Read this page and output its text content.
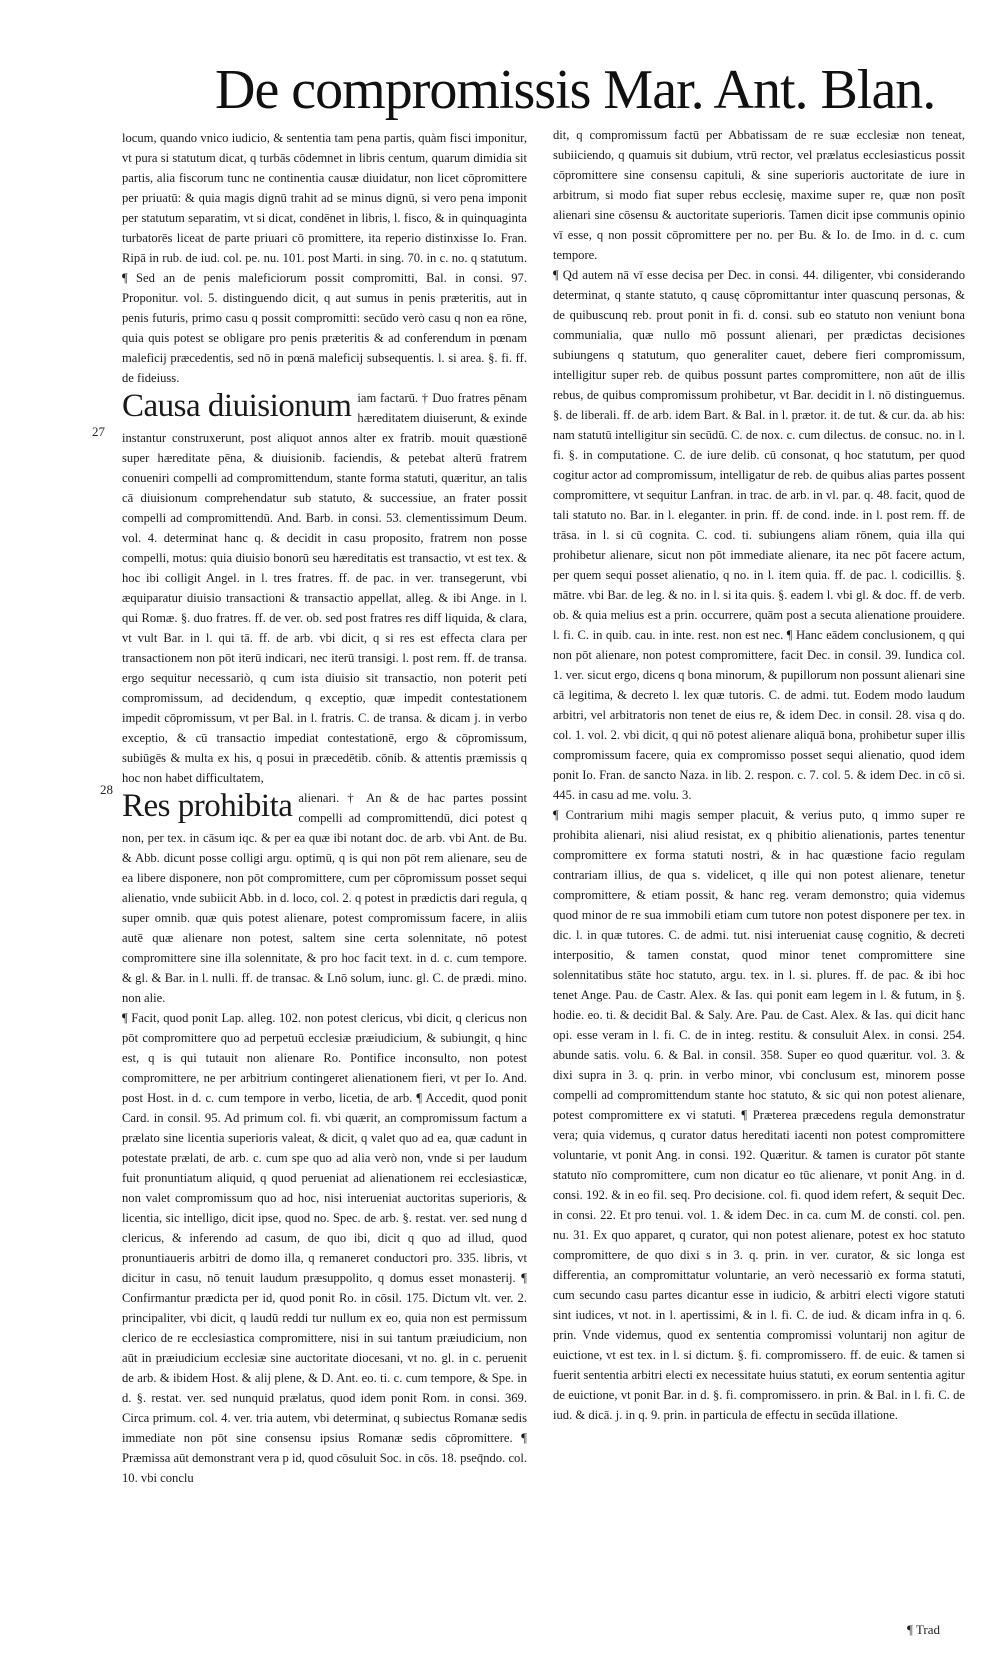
De compromissis Mar. Ant. Blan.

locum, quando vnico iudicio, & sententia tam pena partis, quàm fisci imponitur, vt pura si statutum dicat, q turbās cōdemnet in libris centum, quarum dimidia sit partis, alia fiscorum tunc ne continentia causæ diuidatur, non licet cōpromittere per priuatū: & quia magis dignū trahit ad se minus dignū, si vero pena imponit per statutum separatim, vt si dicat, condēnet in libris, l. fisco, & in quinquaginta turbatorēs liceat de parte priuari cō promittere, ita reperio distinxisse Io. Fran. Ripā in rub. de iud. col. pe. nu. 101. post Marti. in sing. 70. in c. no. q statutum. ¶ Sed an de penis maleficiorum possit compromitti, Bal. in consi. 97. Proponitur. vol. 5. distinguendo dicit, q aut sumus in penis præteritis, aut in penis futuris, primo casu q possit compromitti: secūdo verò casu q non ea rōne, quia quis potest se obligare pro penis præteritis & ad conferendum in pœnam maleficij præcedentis, sed nō in pœnā maleficij subsequentis. l. si area. §. fi. ff. de fideiuss.

Causa diuisionum iam factarū. † Duo fratres pēnam hæreditatem diuiserunt, & exinde instantur construxerunt, post aliquot annos alter ex fratrib. mouit quæstionē super hæreditate pēna, & diuisionib. faciendis, & petebat alterū fratrem conueniri compelli ad compromittendum, stante forma statuti, quæritur, an talis cā diuisionum comprehendatur sub statuto, & successiue, an frater possit compelli ad compromittendū. And. Barb. in consi. 53. clementissimum Deum. vol. 4. determinat hanc q. & decidit in casu proposito, fratrem non posse compelli, motus: quia diuisio bonorū seu hæreditatis est transactio, vt est tex. & hoc ibi colligit Angel. in l. tres fratres. ff. de pac. in ver. transegerunt, vbi æquiparatur diuisio transactioni & transactio appellat, alleg. & ibi Ange. in l. qui Romæ. §. duo fratres. ff. de ver. ob. sed post fratres res diff liquida, & clara, vt vult Bar. in l. qui tā. ff. de arb. vbi dicit, q si res est effecta clara per transactionem non pōt iterū indicari, nec iterū transigi. l. post rem. ff. de transa. ergo sequitur necessariò, q cum ista diuisio sit transactio, non poterit peti compromissum, ad decidendum, q exceptio, quæ impedit contestationem impedit cōpromissum, vt per Bal. in l. fratris. C. de transa. & dicam j. in verbo exceptio, & cū transactio impediat contestationē, ergo & cōpromissum, subiūgēs & multa ex his, q posui in præcedētib. cōnib. & attentis præmissis q hoc non habet difficultatem,

Res prohibita alienari. † An & de hac partes possint compelli ad compromittendū, dici potest q non, per tex. in cāsum iqc. & per ea quæ ibi notant doc. de arb. vbi Ant. de Bu. & Abb. dicunt posse colligi argu. optimū, q is qui non pōt rem alienare, seu de ea libere disponere, non pōt compromittere, cum per cōpromissum posset sequi alienatio, vnde subiicit Abb. in d. loco, col. 2. q potest in prædictis dari regula, q super omnib. quæ quis potest alienare, potest compromissum facere, in aliis autē quæ alienare non potest, saltem sine certa solennitate, nō potest compromittere sine illa solennitate, & pro hoc facit text. in d. c. cum tempore. & gl. & Bar. in l. nulli. ff. de transac. & Lnō solum, iunc. gl. C. de prædi. mino. non alie.

¶ Facit, quod ponit Lap. alleg. 102. non potest clericus, vbi dicit, q clericus non pōt compromittere quo ad perpetuū ecclesiæ præiudicium, & subiungit, q hinc est, q is qui tutauit non alienare Ro. Pontifice inconsulto, non potest compromittere, ne per arbitrium contingeret alienationem fieri, vt per Io. And. post Host. in d. c. cum tempore in verbo, licetia, de arb. ¶ Accedit, quod ponit Card. in consil. 95. Ad primum col. fi. vbi quærit, an compromissum factum a prælato sine licentia superioris valeat, & dicit, q valet quo ad ea, quæ cadunt in potestate prælati, de arb. c. cum spe quo ad alia verò non, vnde si per laudum fuit pronuntiatum aliquid, q quod perueniat ad alienationem rei ecclesiasticæ, non valet compromissum quo ad hoc, nisi interueniat auctoritas superioris, & licentia, sic intelligo, dicit ipse, quod no. Spec. de arb. §. restat. ver. sed nung d clericus, & inferendo ad casum, de quo ibi, dicit q quo ad illud, quod pronuntiaueris arbitri de domo illa, q remaneret conductori pro. 335. libris, vt dicitur in casu, nō tenuit laudum præsuppolito, q domus esset monasterij. ¶ Confirmantur prædicta per id, quod ponit Ro. in cōsil. 175. Dictum vlt. ver. 2. principaliter, vbi dicit, q laudū reddi tur nullum ex eo, quia non est permissum clerico de re ecclesiastica compromittere, nisi in sui tantum præiudicium, non aūt in præiudicium ecclesiæ sine auctoritate diocesani, vt no. gl. in c. peruenit de arb. & ibidem Host. & alij plene, & D. Ant. eo. ti. c. cum tempore, & Spe. in d. §. restat. ver. sed nunquid prælatus, quod idem ponit Rom. in consi. 369. Circa primum. col. 4. ver. tria autem, vbi determinat, q subiectus Romanæ sedis immediate non pōt sine consensu ipsius Romanæ sedis cōpromittere. ¶ Præmissa aūt demonstrant vera p id, quod cōsuluit Soc. in cōs. 18. pseq̄ndo. col. 10. vbi conclu

27
28

dit, q compromissum factū per Abbatissam de re suæ ecclesiæ non teneat, subiiciendo, q quamuis sit dubium, vtrū rector, vel prælatus ecclesiasticus possit cōpromittere sine consensu capituli, & sine superioris auctoritate de iure in arbitrum, si modo fiat super rebus ecclesię, maxime super re, quæ non posīt alienari sine cōsensu & auctoritate superioris. Tamen dicit ipse communis opinio vī esse, q non possit cōpromittere per no. per Bu. & Io. de Imo. in d. c. cum tempore.

¶ Qd autem nā vī esse decisa per Dec. in consi. 44. diligenter, vbi considerando determinat, q stante statuto, q causę cōpromittantur inter quascunq personas, & de quibuscunq reb. prout ponit in fi. d. consi. sub eo statuto non veniunt bona communialia, quæ nullo mō possunt alienari, per prædictas decisiones subiungens q statutum, quo generaliter cauet, debere fieri compromissum, intelligitur super reb. de quibus possunt partes compromittere, non aūt de illis rebus, de quibus compromissum prohibetur, vt Bar. decidit in l. nō distinguemus. §. de liberali. ff. de arb. idem Bart. & Bal. in l. prætor. it. de tut. & cur. da. ab his: nam statutū intelligitur sin secūdū. C. de nox. c. cum dilectus. de consuc. no. in l. fi. §. in computatione. C. de iure delib. cū consonat, q hoc statutum, per quod cogitur actor ad compromissum, intelligatur de reb. de quibus alias partes possent compromittere, vt sequitur Lanfran. in trac. de arb. in vl. par. q. 48. facit, quod de tali statuto no. Bar. in l. eleganter. in prin. ff. de cond. inde. in l. post rem. ff. de trāsa. in l. si cū cognita. C. cod. ti. subiungens aliam rōnem, quia illa qui prohibetur alienare, sicut non pōt immediate alienare, ita nec pōt facere actum, per quem sequi posset alienatio, q no. in l. item quia. ff. de pac. l. codicillis. §. mātre. vbi Bar. de leg. & no. in l. si ita quis. §. eadem l. vbi gl. & doc. ff. de verb. ob. & quia melius est a prin. occurrere, quām post a secuta alienatione prouidere. l. fi. C. in quib. cau. in inte. rest. non est nec. ¶ Hanc eādem conclusionem, q qui non pōt alienare, non potest compromittere, facit Dec. in consil. 39. Iundica col. 1. ver. sicut ergo, dicens q bona minorum, & pupillorum non possunt alienari sine cā legitima, & decreto l. lex quæ tutoris. C. de admi. tut. Eodem modo laudum arbitri, vel arbitratoris non tenet de eius re, & idem Dec. in consil. 28. visa q do. col. 1. vol. 2. vbi dicit, q qui nō potest alienare aliquā bona, prohibetur super illis compromissum facere, quia ex compromisso posset sequi alienatio, quod idem ponit Io. Fran. de sancto Naza. in lib. 2. respon. c. 7. col. 5. & idem Dec. in cō si. 445. in casu ad me. volu. 3.

¶ Contrarium mihi magis semper placuit, & verius puto, q immo super re prohibita alienari, nisi aliud resistat, ex q phibitio alienationis, partes tenentur compromittere ex forma statuti nostri, & in hac quæstione facio regulam contrariam illius, de qua s. videlicet, q ille qui non potest alienare, tenetur compromittere, & etiam possit, & hanc reg. veram demonstro; quia videmus quod minor de re sua immobili etiam cum tutore non potest disponere per tex. in dic. l. in quæ tutores. C. de admi. tut. nisi interueniat causę cognitio, & decreti interpositio, & tamen constat, quod minor tenet compromittere sine solennitatibus stāte hoc statuto, argu. tex. in l. si. plures. ff. de pac. & ibi hoc tenet Ange. Pau. de Castr. Alex. & Ias. qui ponit eam legem in l. & futum, in §. hodie. eo. ti. & decidit Bal. & Saly. Are. Pau. de Cast. Alex. & Ias. qui dicit hanc opi. esse veram in l. fi. C. de in integ. restitu. & consuluit Alex. in consi. 254. abunde satis. volu. 6. & Bal. in consil. 358. Super eo quod quæritur. vol. 3. & dixi supra in 3. q. prin. in verbo minor, vbi conclusum est, minorem posse compelli ad compromittendum stante hoc statuto, & sic qui non potest alienare, potest compromittere ex vi statuti. ¶ Præterea præcedens regula demonstratur vera; quia videmus, q curator datus hereditati iacenti non potest compromittere voluntarie, vt ponit Ang. in consi. 192. Quæritur. & tamen is curator pōt stante statuto nīo compromittere, cum non dicatur eo tūc alienare, vt ponit Ang. in d. consi. 192. & in eo fil. seq. Pro decisione. col. fi. quod idem refert, & sequit Dec. in consi. 22. Et pro tenui. vol. 1. & idem Dec. in ca. cum M. de consti. col. pen. nu. 31. Ex quo apparet, q curator, qui non potest alienare, potest ex hoc statuto compromittere, de quo dixi s in 3. q. prin. in ver. curator, & sic longa est differentia, an compromittatur voluntarie, an verò necessariò ex forma statuti, cum secundo casu partes dicantur esse in iudicio, & arbitri electi vigore statuti sint iudices, vt not. in l. apertissimi, & in l. fi. C. de iud. & dicam infra in q. 6. prin. Vnde videmus, quod ex sententia compromissi voluntarij non agitur de euictione, vt est tex. in l. si dictum. §. fi. compromissero. ff. de euic. & tamen si fuerit sententia arbitri electi ex necessitate huius statuti, ex eorum sententia agitur de euictione, vt ponit Bar. in d. §. fi. compromissero. in prin. & Bal. in l. fi. C. de iud. & dicā. j. in q. 9. prin. in particula de effectu in secūda illatione.

¶ Trad
